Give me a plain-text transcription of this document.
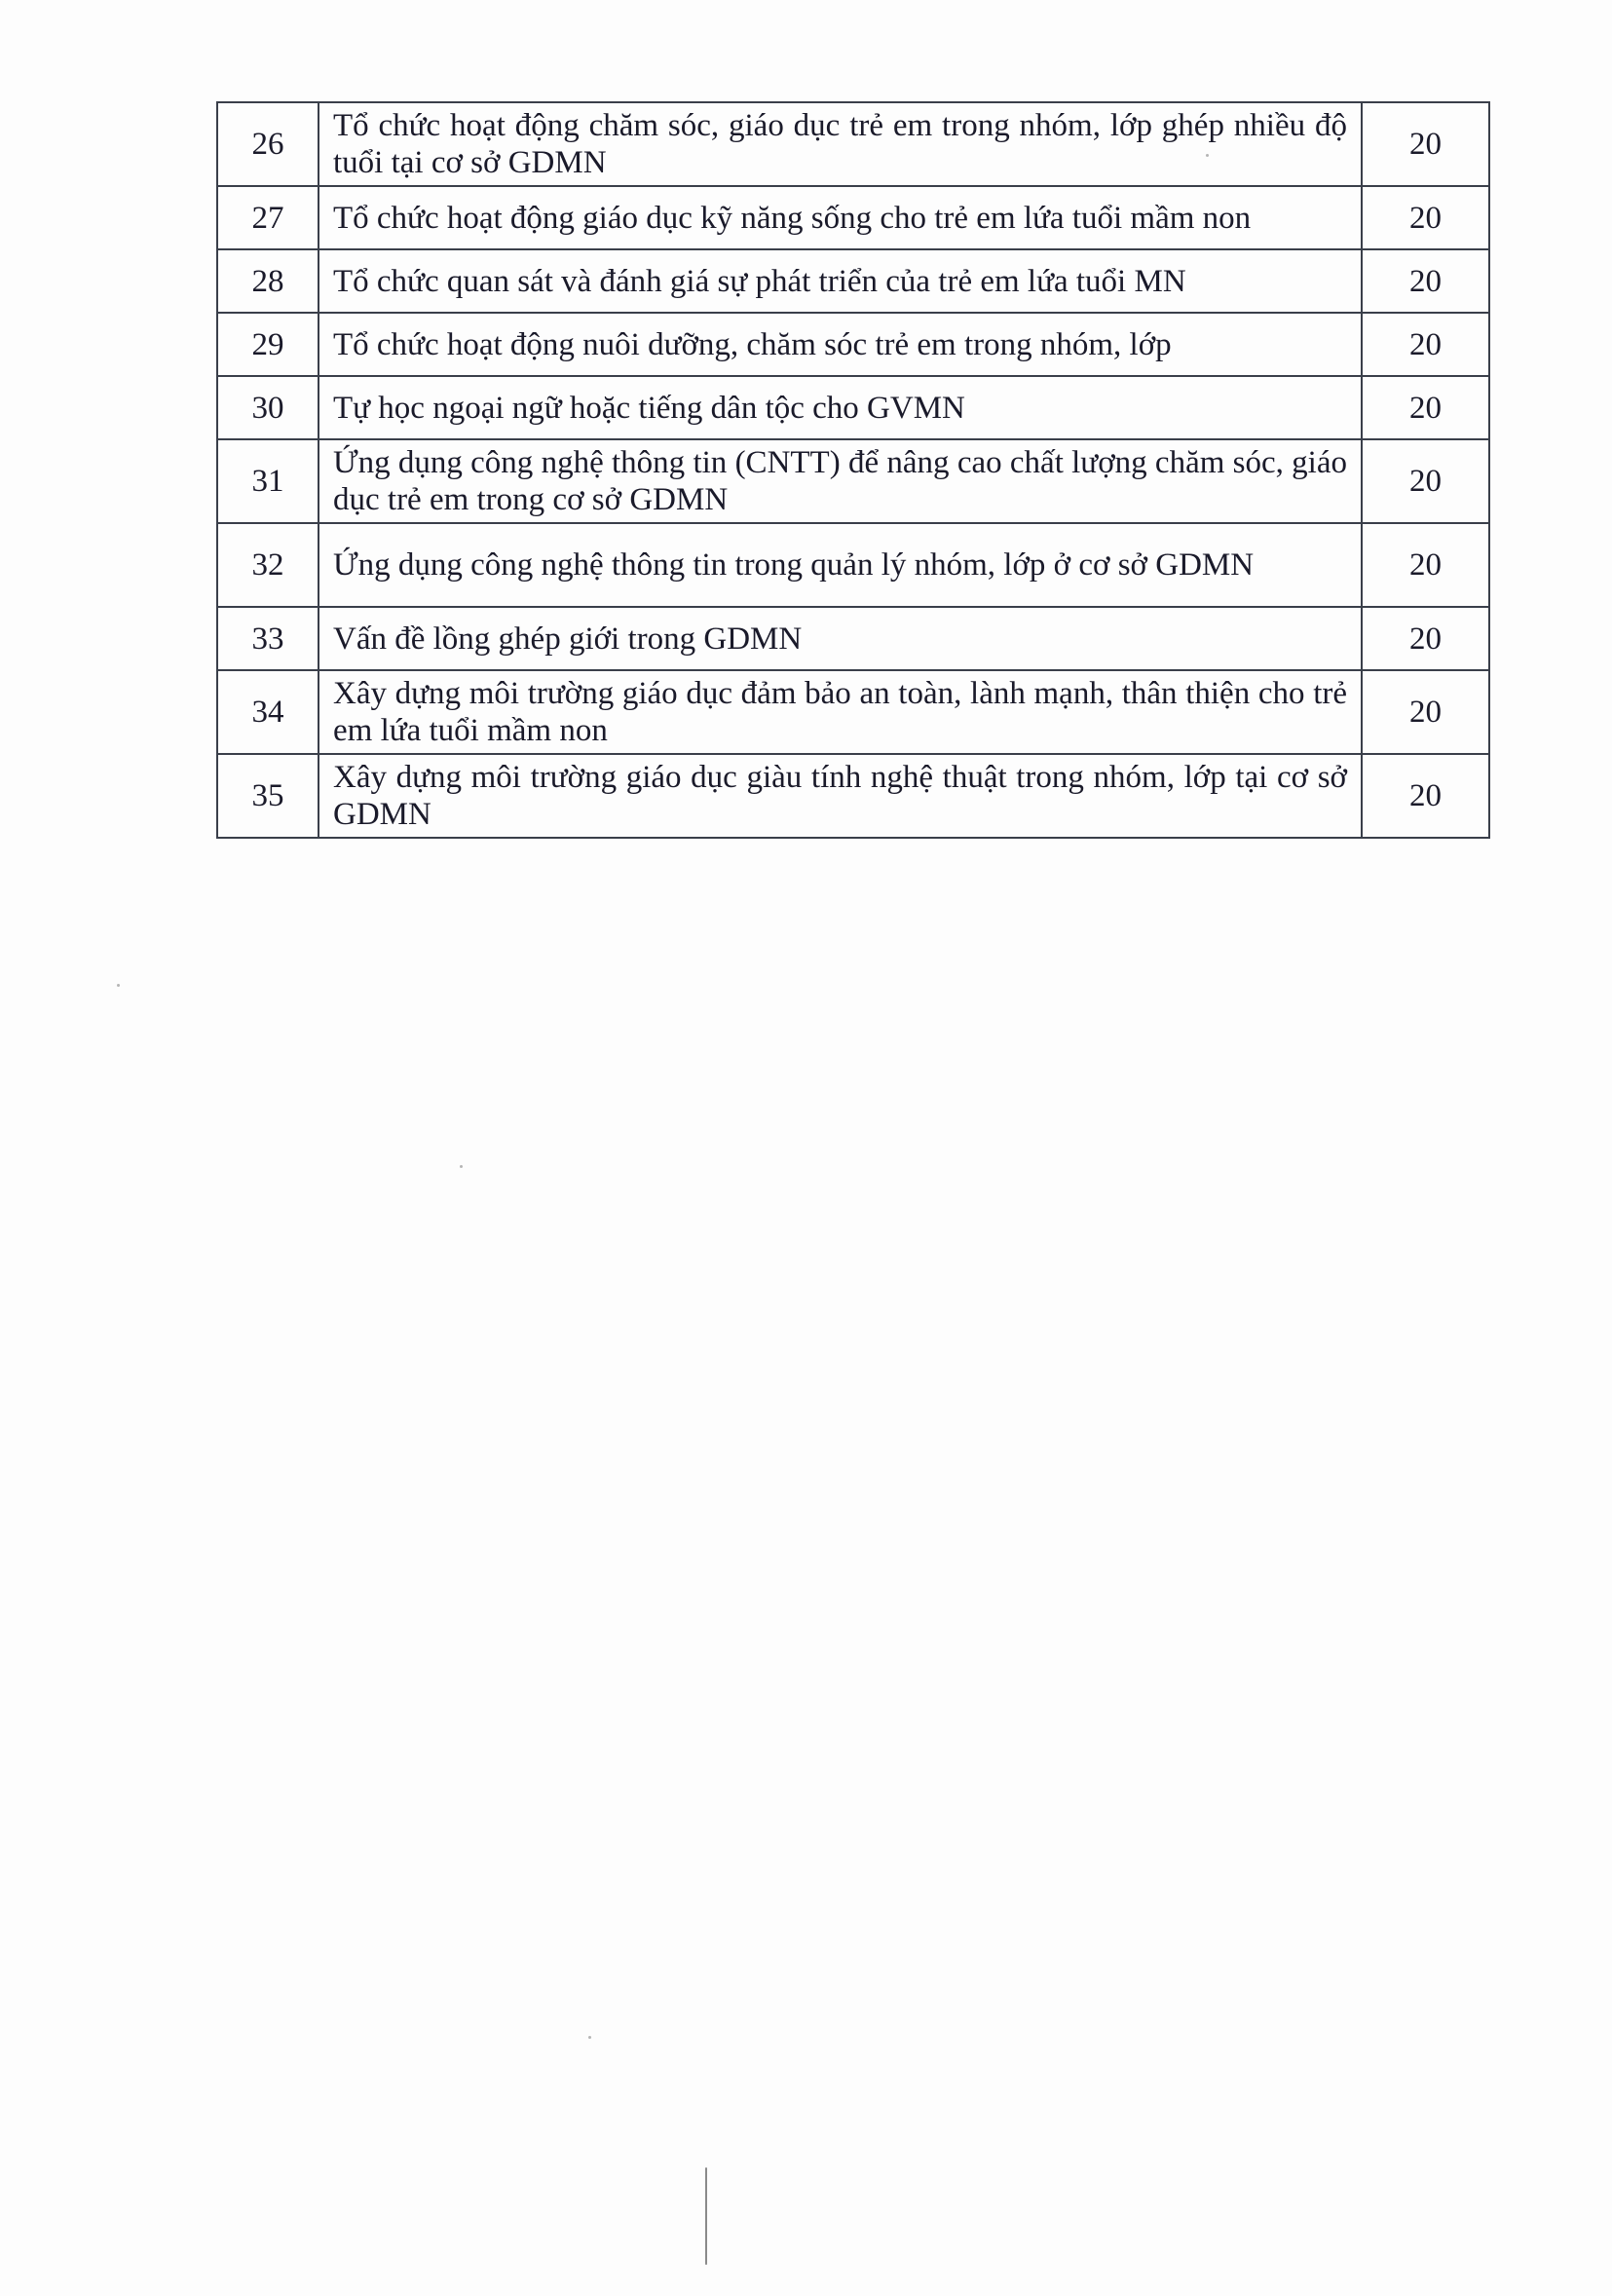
26	Tổ chức hoạt động chăm sóc, giáo dục trẻ em trong nhóm, lớp ghép nhiều độ tuổi tại cơ sở GDMN	20
27	Tổ chức hoạt động giáo dục kỹ năng sống cho trẻ em lứa tuổi mầm non	20
28	Tổ chức quan sát và đánh giá sự phát triển của trẻ em lứa tuổi MN	20
29	Tổ chức hoạt động nuôi dưỡng, chăm sóc trẻ em trong nhóm, lớp	20
30	Tự học ngoại ngữ hoặc tiếng dân tộc cho GVMN	20
31	Ứng dụng công nghệ thông tin (CNTT) để nâng cao chất lượng chăm sóc, giáo dục trẻ em trong cơ sở GDMN	20
32	Ứng dụng công nghệ thông tin trong quản lý nhóm, lớp ở cơ sở GDMN	20
33	Vấn đề lồng ghép giới trong GDMN	20
34	Xây dựng môi trường giáo dục đảm bảo an toàn, lành mạnh, thân thiện cho trẻ em lứa tuổi mầm non	20
35	Xây dựng môi trường giáo dục giàu tính nghệ thuật trong nhóm, lớp tại cơ sở GDMN	20
